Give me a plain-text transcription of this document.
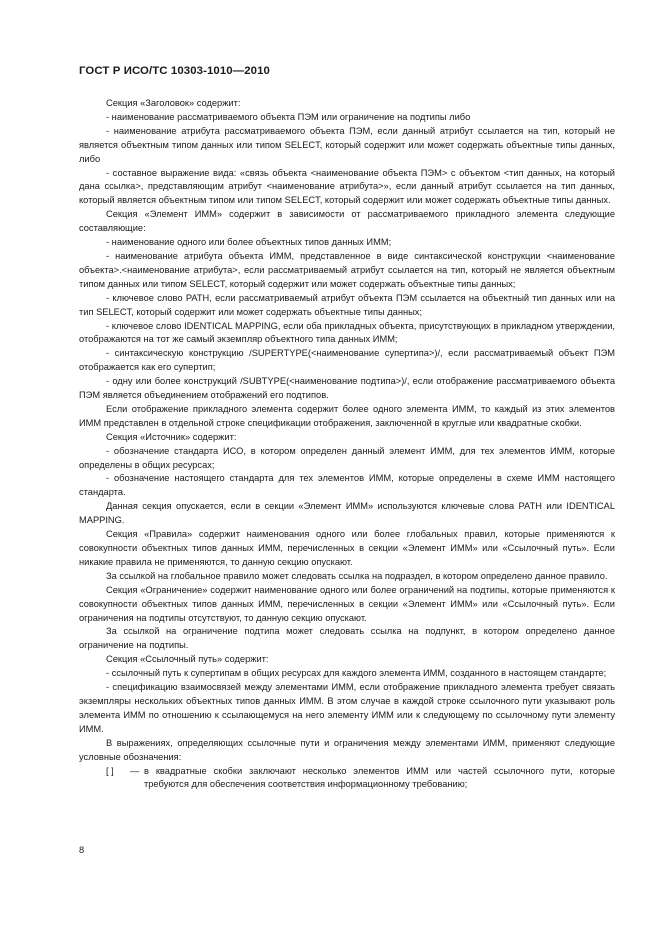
ГОСТ Р ИСО/ТС 10303-1010—2010

Секция «Заголовок» содержит:

- наименование рассматриваемого объекта ПЭМ или ограничение на подтипы либо

- наименование атрибута рассматриваемого объекта ПЭМ, если данный атрибут ссылается на тип, который не является объектным типом данных или типом SELECT, который содержит или может содержать объектные типы данных, либо

- составное выражение вида: «связь объекта <наименование объекта ПЭМ> с объектом <тип данных, на который дана ссылка>, представляющим атрибут <наименование атрибута>», если данный атрибут ссылается на тип данных, который является объектным типом или типом SELECT, который содержит или может содержать объектные типы данных.

Секция «Элемент ИММ» содержит в зависимости от рассматриваемого прикладного элемента следующие составляющие:

- наименование одного или более объектных типов данных ИММ;

- наименование атрибута объекта ИММ, представленное в виде синтаксической конструкции <наименование объекта>.<наименование атрибута>, если рассматриваемый атрибут ссылается на тип, который не является объектным типом данных или типом SELECT, который содержит или может содержать объектные типы данных;

- ключевое слово PATH, если рассматриваемый атрибут объекта ПЭМ ссылается на объектный тип данных или на тип SELECT, который содержит или может содержать объектные типы данных;

- ключевое слово IDENTICAL MAPPING, если оба прикладных объекта, присутствующих в прикладном утверждении, отображаются на тот же самый экземпляр объектного типа данных ИММ;

- синтаксическую конструкцию /SUPERTYPE(<наименование супертипа>)/, если рассматриваемый объект ПЭМ отображается как его супертип;

- одну или более конструкций /SUBTYPE(<наименование подтипа>)/, если отображение рассматриваемого объекта ПЭМ является объединением отображений его подтипов.

Если отображение прикладного элемента содержит более одного элемента ИММ, то каждый из этих элементов ИММ представлен в отдельной строке спецификации отображения, заключенной в круглые или квадратные скобки.

Секция «Источник» содержит:

- обозначение стандарта ИСО, в котором определен данный элемент ИММ, для тех элементов ИММ, которые определены в общих ресурсах;

- обозначение настоящего стандарта для тех элементов ИММ, которые определены в схеме ИММ настоящего стандарта.

Данная секция опускается, если в секции «Элемент ИММ» используются ключевые слова PATH или IDENTICAL MAPPING.

Секция «Правила» содержит наименования одного или более глобальных правил, которые применяются к совокупности объектных типов данных ИММ, перечисленных в секции «Элемент ИММ» или «Ссылочный путь». Если никакие правила не применяются, то данную секцию опускают.

За ссылкой на глобальное правило может следовать ссылка на подраздел, в котором определено данное правило.

Секция «Ограничение» содержит наименование одного или более ограничений на подтипы, которые применяются к совокупности объектных типов данных ИММ, перечисленных в секции «Элемент ИММ» или «Ссылочный путь». Если ограничения на подтипы отсутствуют, то данную секцию опускают.

За ссылкой на ограничение подтипа может следовать ссылка на подпункт, в котором определено данное ограничение на подтипы.

Секция «Ссылочный путь» содержит:

- ссылочный путь к супертипам в общих ресурсах для каждого элемента ИММ, созданного в настоящем стандарте;

- спецификацию взаимосвязей между элементами ИММ, если отображение прикладного элемента требует связать экземпляры нескольких объектных типов данных ИММ. В этом случае в каждой строке ссылочного пути указывают роль элемента ИММ по отношению к ссылающемуся на него элементу ИММ или к следующему по ссылочному пути элементу ИММ.

В выражениях, определяющих ссылочные пути и ограничения между элементами ИММ, применяют следующие условные обозначения:

[ ]	— в квадратные скобки заключают несколько элементов ИММ или частей ссылочного пути, которые требуются для обеспечения соответствия информационному требованию;
8
